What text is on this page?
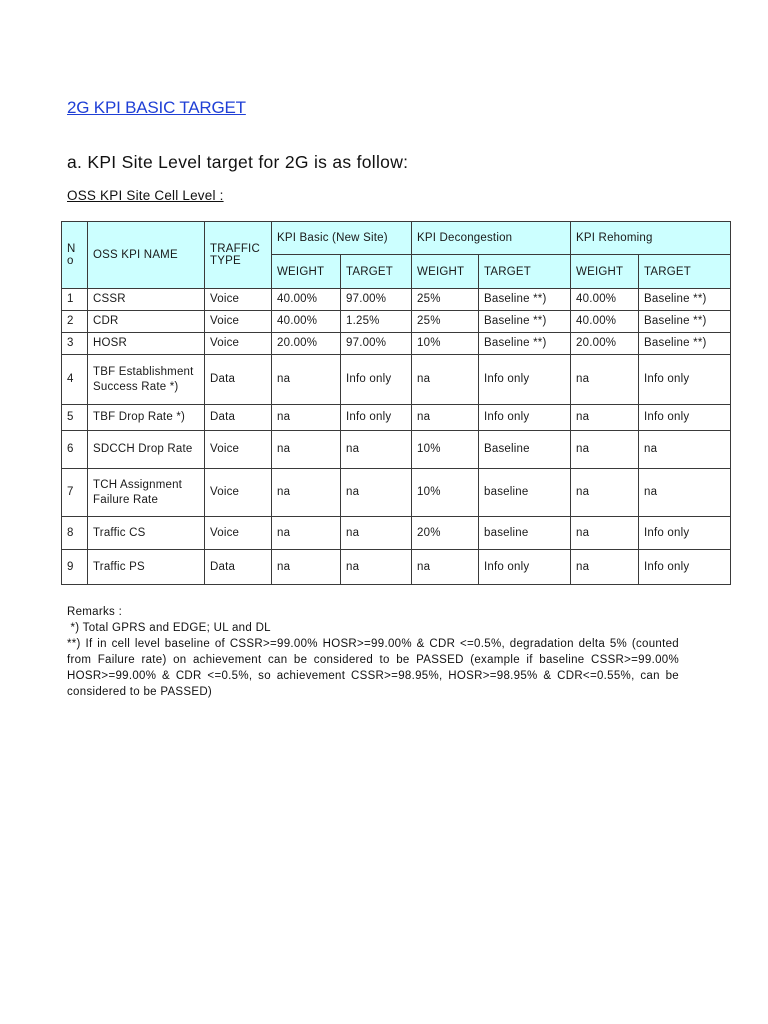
2G KPI BASIC TARGET
a. KPI Site Level target for 2G is as follow:
OSS KPI Site Cell Level :
No	OSS KPI NAME	TRAFFIC TYPE	KPI Basic (New Site)		KPI Decongestion		KPI Rehoming	
			WEIGHT	TARGET	WEIGHT	TARGET	WEIGHT	TARGET
1	CSSR	Voice	40.00%	97.00%	25%	Baseline **)	40.00%	Baseline **)
2	CDR	Voice	40.00%	1.25%	25%	Baseline **)	40.00%	Baseline **)
3	HOSR	Voice	20.00%	97.00%	10%	Baseline **)	20.00%	Baseline **)
4	TBF Establishment Success Rate *)	Data	na	Info only	na	Info only	na	Info only
5	TBF Drop Rate *)	Data	na	Info only	na	Info only	na	Info only
6	SDCCH Drop Rate	Voice	na	na	10%	Baseline	na	na
7	TCH Assignment Failure Rate	Voice	na	na	10%	baseline	na	na
8	Traffic CS	Voice	na	na	20%	baseline	na	Info only
9	Traffic PS	Data	na	na	na	Info only	na	Info only
Remarks :
*) Total GPRS and EDGE; UL and DL
**) If in cell level baseline of CSSR>=99.00% HOSR>=99.00% & CDR <=0.5%, degradation delta 5% (counted from Failure rate) on achievement can be considered to be PASSED (example if baseline CSSR>=99.00% HOSR>=99.00% & CDR <=0.5%, so achievement CSSR>=98.95%, HOSR>=98.95% & CDR<=0.55%, can be considered to be PASSED)
